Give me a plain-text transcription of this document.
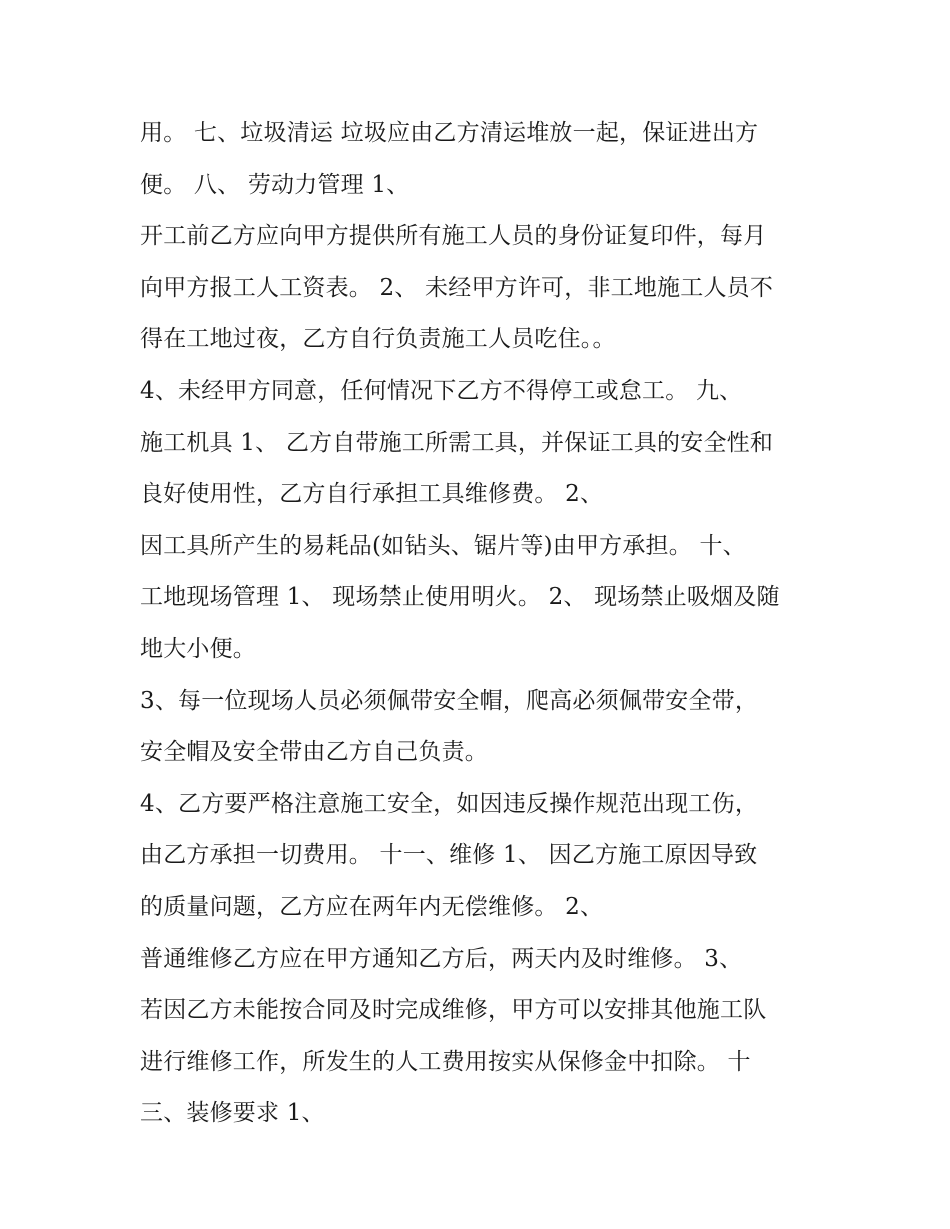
用。 七、垃圾清运 垃圾应由乙方清运堆放一起，保证进出方
便。 八、 劳动力管理 1、
开工前乙方应向甲方提供所有施工人员的身份证复印件，每月
向甲方报工人工资表。 2、 未经甲方许可，非工地施工人员不
得在工地过夜，乙方自行负责施工人员吃住。。
4、未经甲方同意，任何情况下乙方不得停工或怠工。 九、
施工机具 1、 乙方自带施工所需工具，并保证工具的安全性和
良好使用性，乙方自行承担工具维修费。 2、
因工具所产生的易耗品(如钻头、锯片等)由甲方承担。 十、
工地现场管理 1、 现场禁止使用明火。 2、 现场禁止吸烟及随
地大小便。
3、每一位现场人员必须佩带安全帽，爬高必须佩带安全带，
安全帽及安全带由乙方自己负责。
4、乙方要严格注意施工安全，如因违反操作规范出现工伤，
由乙方承担一切费用。 十一、维修 1、 因乙方施工原因导致
的质量问题，乙方应在两年内无偿维修。 2、
普通维修乙方应在甲方通知乙方后，两天内及时维修。 3、
若因乙方未能按合同及时完成维修，甲方可以安排其他施工队
进行维修工作，所发生的人工费用按实从保修金中扣除。 十
三、装修要求 1、
